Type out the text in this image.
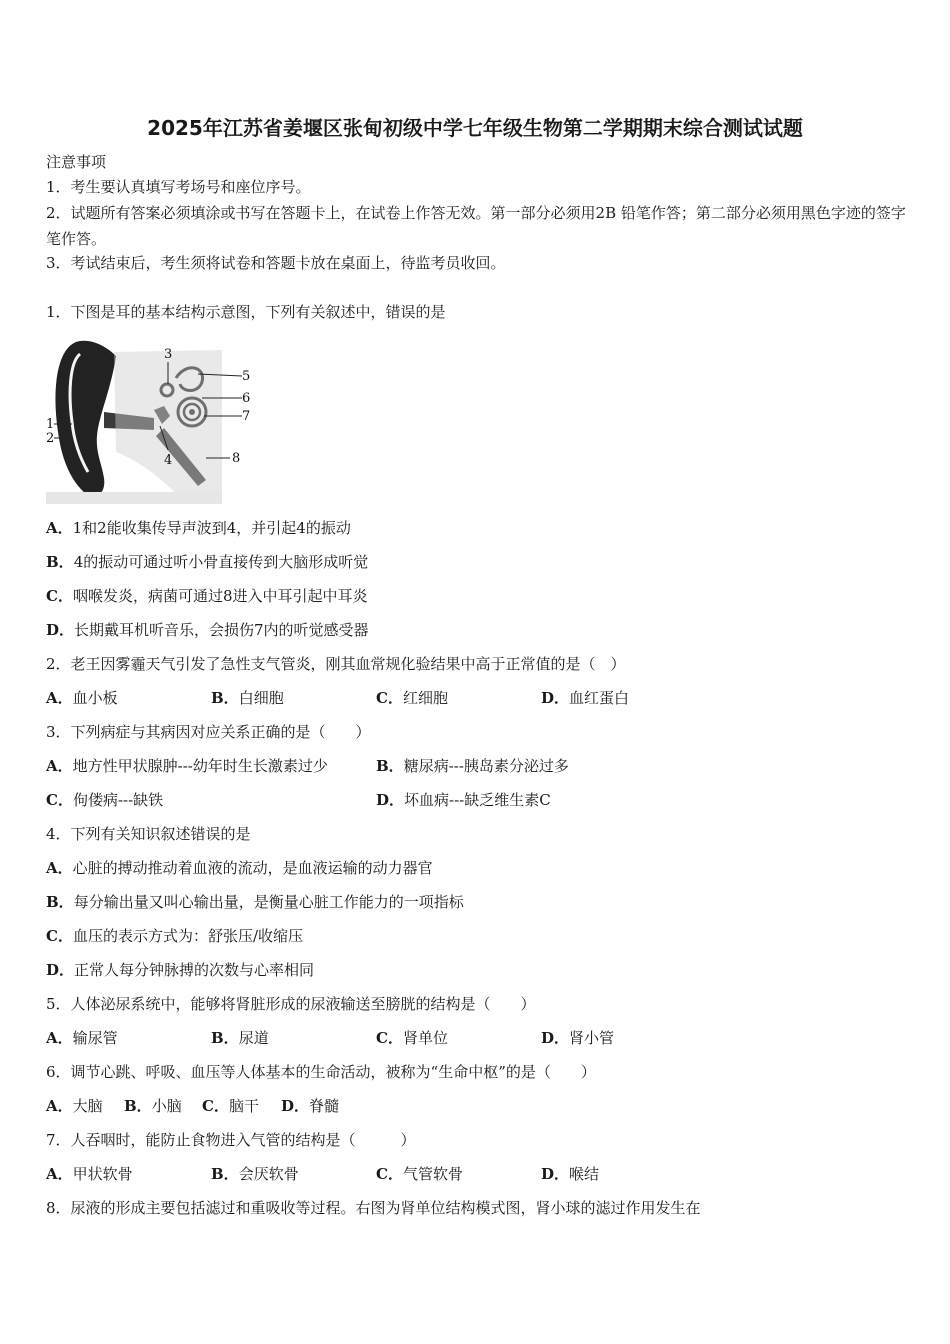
2025年江苏省姜堰区张甸初级中学七年级生物第二学期期末综合测试试题
注意事项
1．考生要认真填写考场号和座位序号。
2．试题所有答案必须填涂或书写在答题卡上，在试卷上作答无效。第一部分必须用2B 铅笔作答；第二部分必须用黑色字迹的签字笔作答。
3．考试结束后，考生须将试卷和答题卡放在桌面上，待监考员收回。
1．下图是耳的基本结构示意图，下列有关叙述中，错误的是
1
2
3
4
5
6
7
8
A．1和2能收集传导声波到4，并引起4的振动
B．4的振动可通过听小骨直接传到大脑形成听觉
C．咽喉发炎，病菌可通过8进入中耳引起中耳炎
D．长期戴耳机听音乐，会损伤7内的听觉感受器
2．老王因雾霾天气引发了急性支气管炎，刚其血常规化验结果中高于正常值的是（　）
A．血小板	B．白细胞	C．红细胞	D．血红蛋白
3．下列病症与其病因对应关系正确的是（　　）
A．地方性甲状腺肿---幼年时生长激素过少	B．糖尿病---胰岛素分泌过多
C．佝偻病---缺铁	D．坏血病---缺乏维生素C
4．下列有关知识叙述错误的是
A．心脏的搏动推动着血液的流动，是血液运输的动力器官
B．每分输出量又叫心输出量，是衡量心脏工作能力的一项指标
C．血压的表示方式为：舒张压/收缩压
D．正常人每分钟脉搏的次数与心率相同
5．人体泌尿系统中，能够将肾脏形成的尿液输送至膀胱的结构是（　　）
A．输尿管	B．尿道	C．肾单位	D．肾小管
6．调节心跳、呼吸、血压等人体基本的生命活动，被称为“生命中枢”的是（　　）
A．大脑 B．小脑 C．脑干 D．脊髓
7．人吞咽时，能防止食物进入气管的结构是（　　　）
A．甲状软骨	B．会厌软骨	C．气管软骨	D．喉结
8．尿液的形成主要包括滤过和重吸收等过程。右图为肾单位结构模式图，肾小球的滤过作用发生在
